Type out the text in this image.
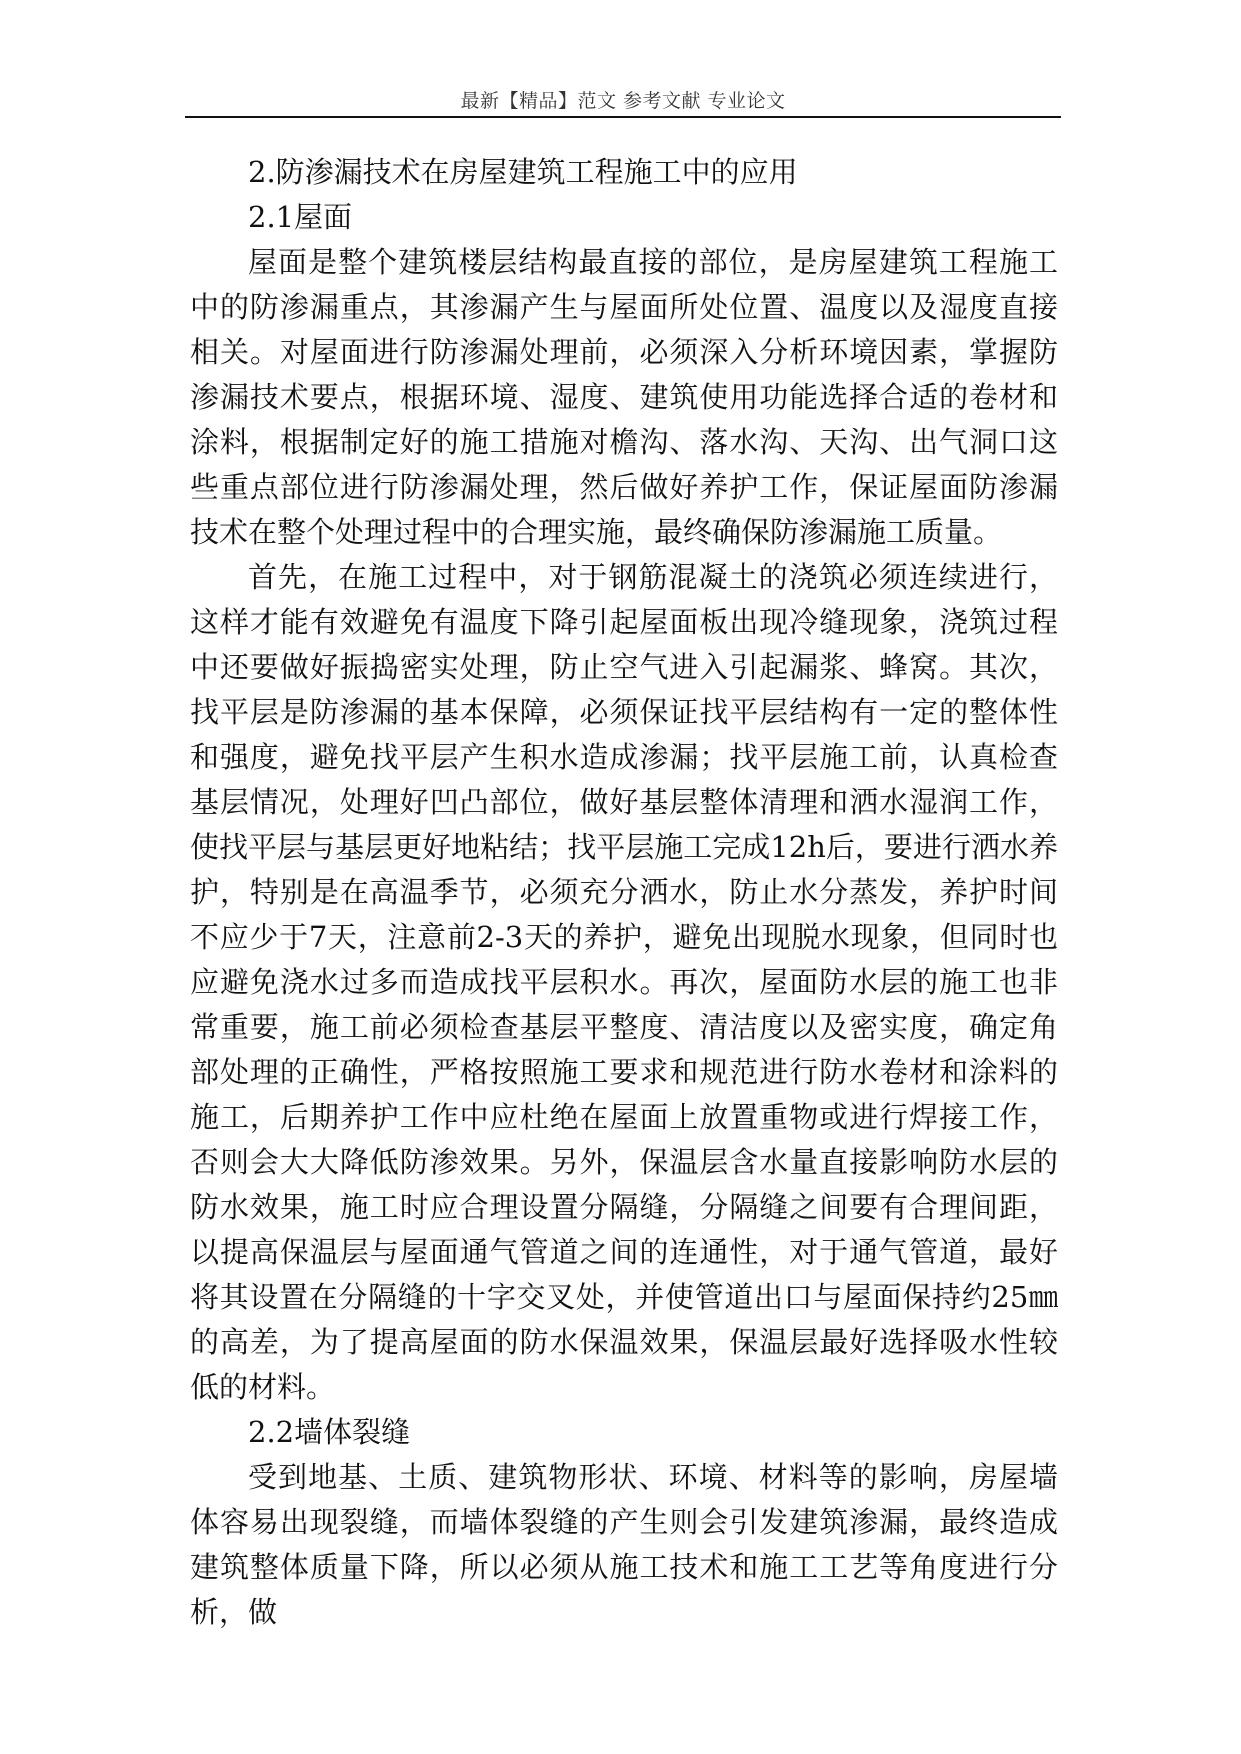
最新【精品】范文 参考文献 专业论文

2.防渗漏技术在房屋建筑工程施工中的应用

2.1屋面

屋面是整个建筑楼层结构最直接的部位，是房屋建筑工程施工中的防渗漏重点，其渗漏产生与屋面所处位置、温度以及湿度直接相关。对屋面进行防渗漏处理前，必须深入分析环境因素，掌握防渗漏技术要点，根据环境、湿度、建筑使用功能选择合适的卷材和涂料，根据制定好的施工措施对檐沟、落水沟、天沟、出气洞口这些重点部位进行防渗漏处理，然后做好养护工作，保证屋面防渗漏技术在整个处理过程中的合理实施，最终确保防渗漏施工质量。

首先，在施工过程中，对于钢筋混凝土的浇筑必须连续进行，这样才能有效避免有温度下降引起屋面板出现冷缝现象，浇筑过程中还要做好振捣密实处理，防止空气进入引起漏浆、蜂窝。其次，找平层是防渗漏的基本保障，必须保证找平层结构有一定的整体性和强度，避免找平层产生积水造成渗漏；找平层施工前，认真检查基层情况，处理好凹凸部位，做好基层整体清理和洒水湿润工作，使找平层与基层更好地粘结；找平层施工完成12h后，要进行洒水养护，特别是在高温季节，必须充分洒水，防止水分蒸发，养护时间不应少于7天，注意前2-3天的养护，避免出现脱水现象，但同时也应避免浇水过多而造成找平层积水。再次，屋面防水层的施工也非常重要，施工前必须检查基层平整度、清洁度以及密实度，确定角部处理的正确性，严格按照施工要求和规范进行防水卷材和涂料的施工，后期养护工作中应杜绝在屋面上放置重物或进行焊接工作，否则会大大降低防渗效果。另外，保温层含水量直接影响防水层的防水效果，施工时应合理设置分隔缝，分隔缝之间要有合理间距，以提高保温层与屋面通气管道之间的连通性，对于通气管道，最好将其设置在分隔缝的十字交叉处，并使管道出口与屋面保持约25㎜的高差，为了提高屋面的防水保温效果，保温层最好选择吸水性较低的材料。

2.2墙体裂缝

受到地基、土质、建筑物形状、环境、材料等的影响，房屋墙体容易出现裂缝，而墙体裂缝的产生则会引发建筑渗漏，最终造成建筑整体质量下降，所以必须从施工技术和施工工艺等角度进行分析，做
